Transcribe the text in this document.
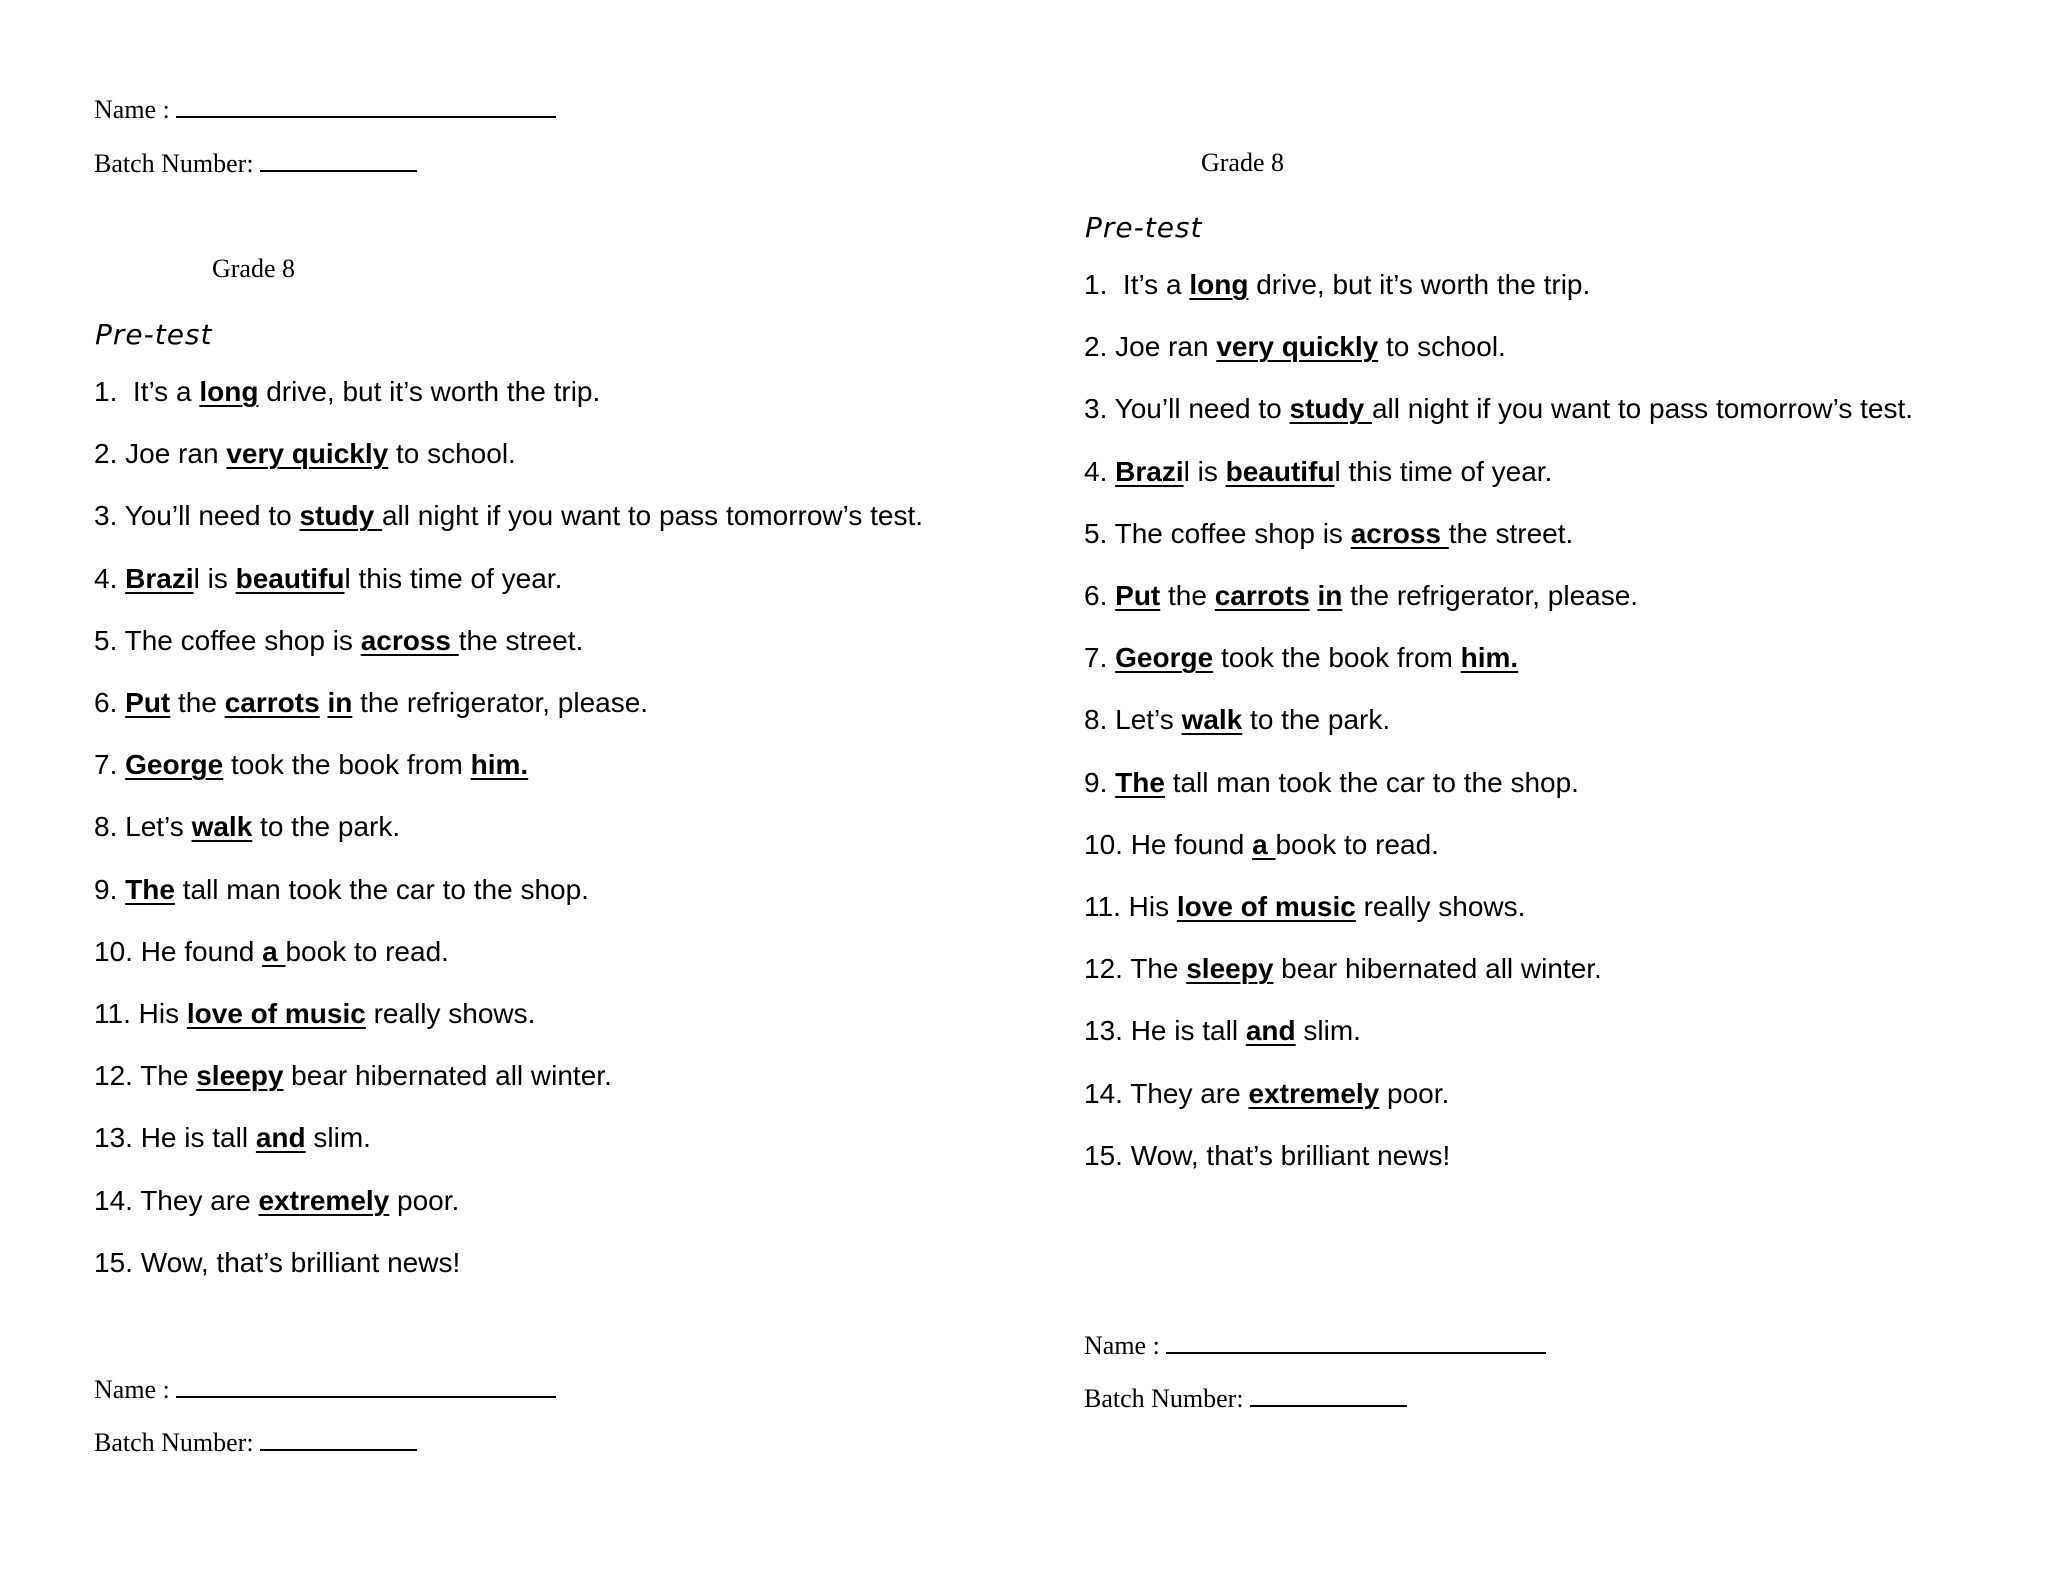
Name :
Batch Number:
Grade 8
Pre-test
1.  It’s a long drive, but it’s worth the trip.
2. Joe ran very quickly to school.
3. You’ll need to study all night if you want to pass tomorrow’s test.
4. Brazil is beautiful this time of year.
5. The coffee shop is across the street.
6. Put the carrots in the refrigerator, please.
7. George took the book from him.
8. Let’s walk to the park.
9. The tall man took the car to the shop.
10. He found a book to read.
11. His love of music really shows.
12. The sleepy bear hibernated all winter.
13. He is tall and slim.
14. They are extremely poor.
15. Wow, that’s brilliant news!
Name :
Batch Number:
Grade 8
Pre-test
1.  It’s a long drive, but it’s worth the trip.
2. Joe ran very quickly to school.
3. You’ll need to study all night if you want to pass tomorrow’s test.
4. Brazil is beautiful this time of year.
5. The coffee shop is across the street.
6. Put the carrots in the refrigerator, please.
7. George took the book from him.
8. Let’s walk to the park.
9. The tall man took the car to the shop.
10. He found a book to read.
11. His love of music really shows.
12. The sleepy bear hibernated all winter.
13. He is tall and slim.
14. They are extremely poor.
15. Wow, that’s brilliant news!
Name :
Batch Number:
